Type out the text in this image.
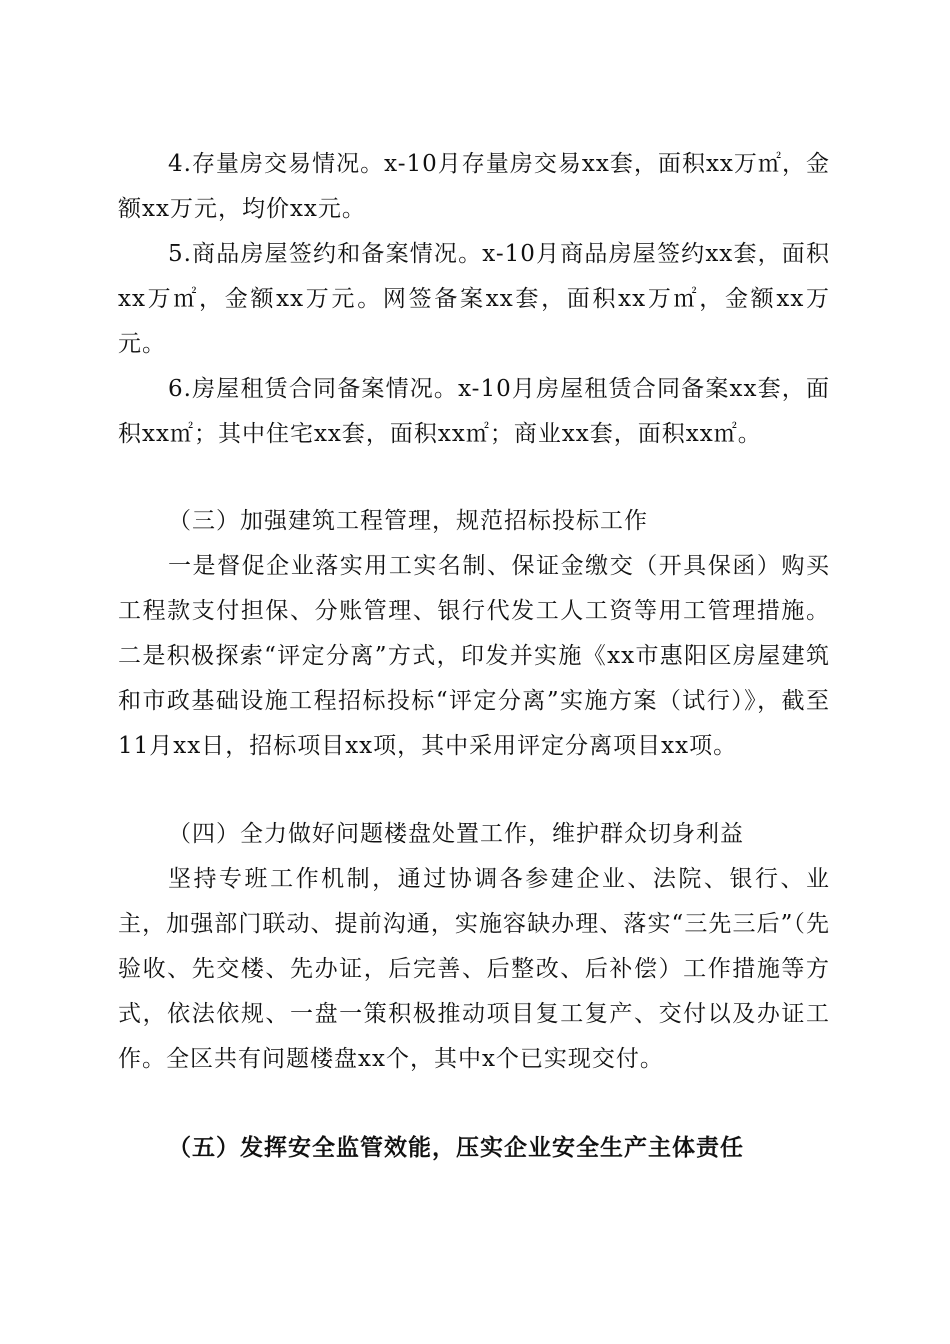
4.存量房交易情况。x-10月存量房交易xx套，面积xx万㎡，金额xx万元，均价xx元。

5.商品房屋签约和备案情况。x-10月商品房屋签约xx套，面积xx万㎡，金额xx万元。网签备案xx套，面积xx万㎡，金额xx万元。

6.房屋租赁合同备案情况。x-10月房屋租赁合同备案xx套，面积xx㎡；其中住宅xx套，面积xx㎡；商业xx套，面积xx㎡。

（三）加强建筑工程管理，规范招标投标工作

一是督促企业落实用工实名制、保证金缴交（开具保函）购买工程款支付担保、分账管理、银行代发工人工资等用工管理措施。二是积极探索“评定分离”方式，印发并实施《xx市惠阳区房屋建筑和市政基础设施工程招标投标“评定分离”实施方案（试行）》，截至11月xx日，招标项目xx项，其中采用评定分离项目xx项。

（四）全力做好问题楼盘处置工作，维护群众切身利益

坚持专班工作机制，通过协调各参建企业、法院、银行、业主，加强部门联动、提前沟通，实施容缺办理、落实“三先三后”（先验收、先交楼、先办证，后完善、后整改、后补偿）工作措施等方式，依法依规、一盘一策积极推动项目复工复产、交付以及办证工作。全区共有问题楼盘xx个，其中x个已实现交付。

（五）发挥安全监管效能，压实企业安全生产主体责任
